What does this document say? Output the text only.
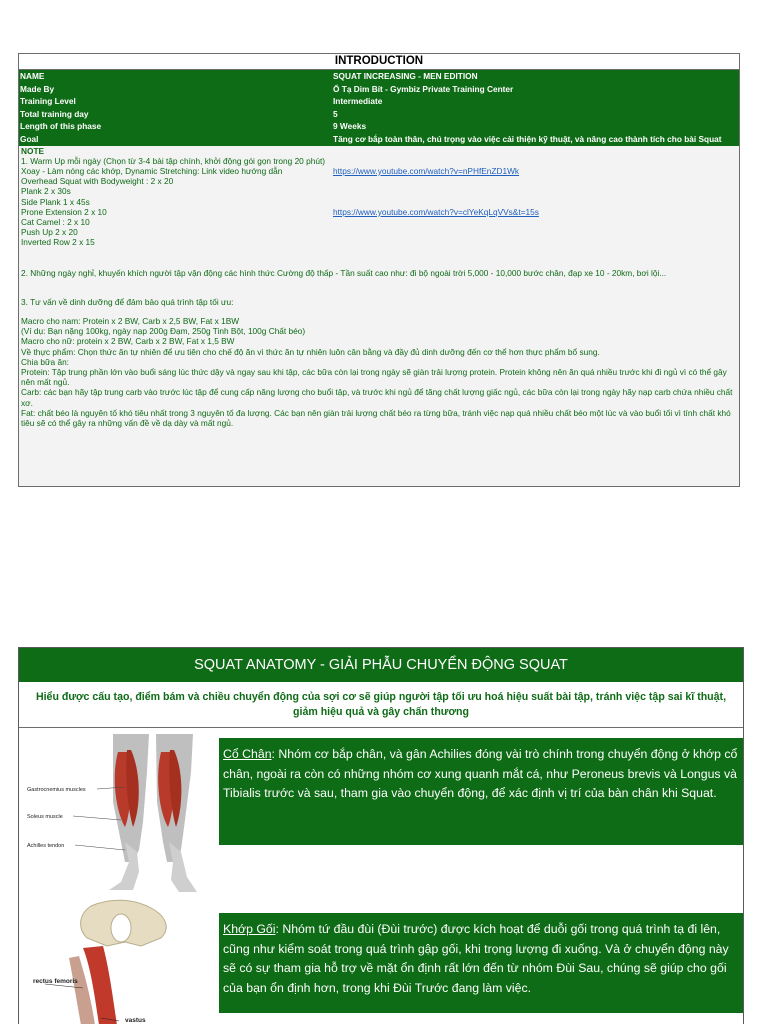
INTRODUCTION
NAME	SQUAT INCREASING - MEN EDITION
Made By	Ổ Tạ Dim Bít - Gymbiz Private Training Center
Training Level	Intermediate
Total training day	5
Length of this phase	9 Weeks
Goal	Tăng cơ bắp toàn thân, chú trọng vào việc cải thiện kỹ thuật, và nâng cao thành tích cho bài Squat
NOTE
1. Warm Up mỗi ngày (Chọn từ 3-4 bài tập chính, khởi động gói gọn trong 20 phút)
Xoay - Làm nóng các khớp, Dynamic Stretching: Link video hướng dẫn	https://www.youtube.com/watch?v=nPHfEnZD1Wk
Overhead Squat with Bodyweight : 2 x 20
Plank 2 x 30s
Side Plank 1 x 45s
Prone Extension 2 x 10	https://www.youtube.com/watch?v=clYeKqLqVVs&t=15s
Cat Camel : 2 x 10
Push Up 2 x 20
Inverted Row 2 x 15
2. Những ngày nghỉ, khuyến khích người tập vận động các hình thức Cường độ thấp - Tần suất cao như: đi bộ ngoài trời 5,000 - 10,000 bước chân, đạp xe 10 - 20km, bơi lội...
3. Tư vấn về dinh dưỡng để đảm bảo quá trình tập tối ưu:
Macro cho nam: Protein x 2 BW, Carb x 2,5 BW, Fat x 1BW
(Ví dụ: Bạn nặng 100kg, ngày nạp 200g Đạm, 250g Tinh Bột, 100g Chất béo)
Macro cho nữ: protein x 2 BW, Carb x 2 BW, Fat x 1,5 BW
Về thực phẩm: Chọn thức ăn tự nhiên để ưu tiên cho chế độ ăn vì thức ăn tự nhiên luôn cân bằng và đầy đủ dinh dưỡng đến cơ thể hơn thực phẩm bổ sung.
Chia bữa ăn:
Protein: Tập trung phần lớn vào buổi sáng lúc thức dậy và ngay sau khi tập, các bữa còn lại trong ngày sẽ giàn trải lượng protein. Protein không nên ăn quá nhiều trước khi đi ngủ vì có thể gây nên mất ngủ.
Carb: các bạn hãy tập trung carb vào trước lúc tập để cung cấp năng lượng cho buổi tập, và trước khi ngủ để tăng chất lượng giấc ngủ, các bữa còn lại trong ngày hãy nạp carb chứa nhiều chất xơ.
Fat: chất béo là nguyên tố khó tiêu nhất trong 3 nguyên tố đa lượng. Các bạn nên giàn trải lượng chất béo ra từng bữa, tránh việc nạp quá nhiều chất béo một lúc và vào buổi tối vì tính chất khó tiêu sẽ có thể gây ra những vấn đề về dạ dày và mất ngủ.
SQUAT ANATOMY - GIẢI PHẪU CHUYỂN ĐỘNG SQUAT
Hiểu được cấu tạo, điểm bám và chiều chuyển động của sợi cơ sẽ giúp người tập tối ưu hoá hiệu suất bài tập, tránh việc tập sai kĩ thuật, giảm hiệu quả và gây chấn thương
Gastrocnemius muscles
Soleus muscle
Achilles tendon
rectus femoris
vastus
Cổ Chân: Nhóm cơ bắp chân, và gân Achilies đóng vài trò chính trong chuyển động ở khớp cổ chân, ngoài ra còn có những nhóm cơ xung quanh mắt cá, như Peroneus brevis và Longus và Tibialis trước và sau, tham gia vào chuyển động, để xác định vị trí của bàn chân khi Squat.
Khớp Gối: Nhóm tứ đầu đùi (Đùi trước) được kích hoạt để duỗi gối trong quá trình tạ đi lên, cũng như kiểm soát trong quá trình gập gối, khi trọng lượng đi xuống. Và ở chuyển động này sẽ có sự tham gia hỗ trợ về mặt ổn định rất lớn đến từ nhóm Đùi Sau, chúng sẽ giúp cho gối của bạn ổn định hơn, trong khi Đùi Trước đang làm việc.
